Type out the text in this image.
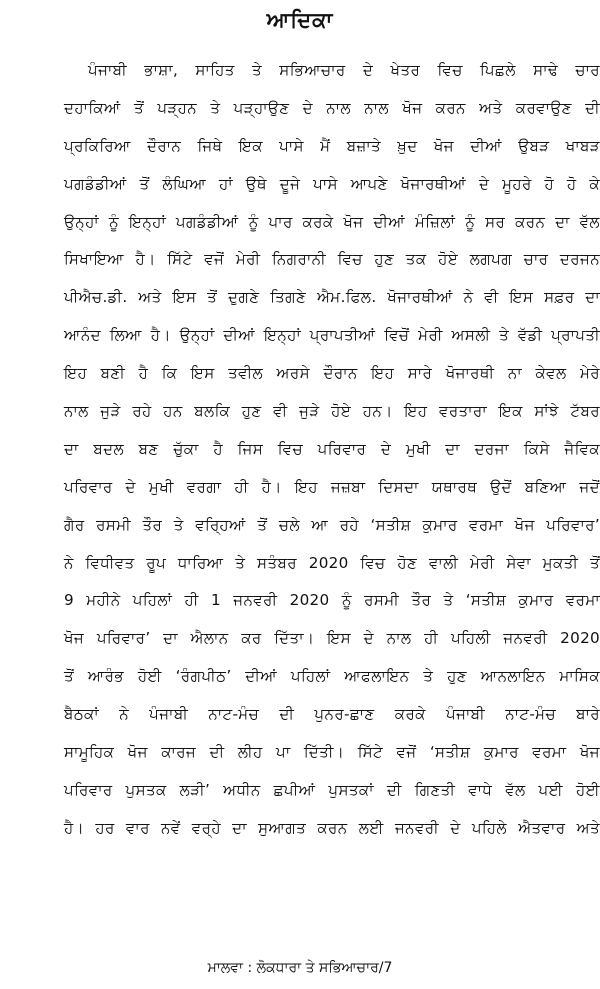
ਆਦਿਕਾ
ਪੰਜਾਬੀ ਭਾਸ਼ਾ, ਸਾਹਿਤ ਤੇ ਸਭਿਆਚਾਰ ਦੇ ਖੇਤਰ ਵਿਚ ਪਿਛਲੇ ਸਾਢੇ ਚਾਰ
ਦਹਾਕਿਆਂ ਤੋਂ ਪੜ੍ਹਨ ਤੇ ਪੜ੍ਹਾਉਣ ਦੇ ਨਾਲ ਨਾਲ ਖੋਜ ਕਰਨ ਅਤੇ ਕਰਵਾਉਣ ਦੀ
ਪ੍ਰਕਿਰਿਆ ਦੌਰਾਨ ਜਿਥੇ ਇਕ ਪਾਸੇ ਮੈਂ ਬਜ਼ਾਤੇ ਖ਼ੁਦ ਖੋਜ ਦੀਆਂ ਉਬੜ ਖਾਬੜ
ਪਗਡੰਡੀਆਂ ਤੋਂ ਲੰਘਿਆ ਹਾਂ ਉਥੇ ਦੂਜੇ ਪਾਸੇ ਆਪਣੇ ਖੋਜਾਰਥੀਆਂ ਦੇ ਮੂਹਰੇ ਹੋ ਹੋ ਕੇ
ਉਨ੍ਹਾਂ ਨੂੰ ਇਨ੍ਹਾਂ ਪਗਡੰਡੀਆਂ ਨੂੰ ਪਾਰ ਕਰਕੇ ਖੋਜ ਦੀਆਂ ਮੰਜ਼ਿਲਾਂ ਨੂੰ ਸਰ ਕਰਨ ਦਾ ਵੱਲ
ਸਿਖਾਇਆ ਹੈ। ਸਿੱਟੇ ਵਜੋਂ ਮੇਰੀ ਨਿਗਰਾਨੀ ਵਿਚ ਹੁਣ ਤਕ ਹੋਏ ਲਗਪਗ ਚਾਰ ਦਰਜਨ
ਪੀਐਚ.ਡੀ. ਅਤੇ ਇਸ ਤੋਂ ਦੁਗਣੇ ਤਿਗਣੇ ਐਮ.ਫਿਲ. ਖੋਜਾਰਥੀਆਂ ਨੇ ਵੀ ਇਸ ਸਫ਼ਰ ਦਾ
ਆਨੰਦ ਲਿਆ ਹੈ। ਉਨ੍ਹਾਂ ਦੀਆਂ ਇਨ੍ਹਾਂ ਪ੍ਰਾਪਤੀਆਂ ਵਿਚੋਂ ਮੇਰੀ ਅਸਲੀ ਤੇ ਵੱਡੀ ਪ੍ਰਾਪਤੀ
ਇਹ ਬਣੀ ਹੈ ਕਿ ਇਸ ਤਵੀਲ ਅਰਸੇ ਦੌਰਾਨ ਇਹ ਸਾਰੇ ਖੋਜਾਰਥੀ ਨਾ ਕੇਵਲ ਮੇਰੇ
ਨਾਲ ਜੁੜੇ ਰਹੇ ਹਨ ਬਲਕਿ ਹੁਣ ਵੀ ਜੁੜੇ ਹੋਏ ਹਨ। ਇਹ ਵਰਤਾਰਾ ਇਕ ਸਾਂਝੇ ਟੱਬਰ
ਦਾ ਬਦਲ ਬਣ ਚੁੱਕਾ ਹੈ ਜਿਸ ਵਿਚ ਪਰਿਵਾਰ ਦੇ ਮੁਖੀ ਦਾ ਦਰਜਾ ਕਿਸੇ ਜੈਵਿਕ
ਪਰਿਵਾਰ ਦੇ ਮੁਖੀ ਵਰਗਾ ਹੀ ਹੈ। ਇਹ ਜਜ਼ਬਾ ਦਿਸਦਾ ਯਥਾਰਥ ਉਦੋਂ ਬਣਿਆ ਜਦੋਂ
ਗੈਰ ਰਸਮੀ ਤੌਰ ਤੇ ਵਰ੍ਹਿਆਂ ਤੋਂ ਚਲੇ ਆ ਰਹੇ ‘ਸਤੀਸ਼ ਕੁਮਾਰ ਵਰਮਾ ਖੋਜ ਪਰਿਵਾਰ’
ਨੇ ਵਿਧੀਵਤ ਰੂਪ ਧਾਰਿਆ ਤੇ ਸਤੰਬਰ 2020 ਵਿਚ ਹੋਣ ਵਾਲੀ ਮੇਰੀ ਸੇਵਾ ਮੁਕਤੀ ਤੋਂ
9 ਮਹੀਨੇ ਪਹਿਲਾਂ ਹੀ 1 ਜਨਵਰੀ 2020 ਨੂੰ ਰਸਮੀ ਤੌਰ ਤੇ ‘ਸਤੀਸ਼ ਕੁਮਾਰ ਵਰਮਾ
ਖੋਜ ਪਰਿਵਾਰ’ ਦਾ ਐਲਾਨ ਕਰ ਦਿੱਤਾ। ਇਸ ਦੇ ਨਾਲ ਹੀ ਪਹਿਲੀ ਜਨਵਰੀ 2020
ਤੋਂ ਆਰੰਭ ਹੋਈ ‘ਰੰਗਪੀਠ’ ਦੀਆਂ ਪਹਿਲਾਂ ਆਫਲਾਇਨ ਤੇ ਹੁਣ ਆਨਲਾਇਨ ਮਾਸਿਕ
ਬੈਠਕਾਂ ਨੇ ਪੰਜਾਬੀ ਨਾਟ-ਮੰਚ ਦੀ ਪੁਨਰ-ਛਾਣ ਕਰਕੇ ਪੰਜਾਬੀ ਨਾਟ-ਮੰਚ ਬਾਰੇ
ਸਾਮੂਹਿਕ ਖੋਜ ਕਾਰਜ ਦੀ ਲੀਹ ਪਾ ਦਿੱਤੀ। ਸਿੱਟੇ ਵਜੋਂ ‘ਸਤੀਸ਼ ਕੁਮਾਰ ਵਰਮਾ ਖੋਜ
ਪਰਿਵਾਰ ਪੁਸਤਕ ਲੜੀ’ ਅਧੀਨ ਛਪੀਆਂ ਪੁਸਤਕਾਂ ਦੀ ਗਿਣਤੀ ਵਾਧੇ ਵੱਲ ਪਈ ਹੋਈ
ਹੈ। ਹਰ ਵਾਰ ਨਵੇਂ ਵਰ੍ਹੇ ਦਾ ਸੁਆਗਤ ਕਰਨ ਲਈ ਜਨਵਰੀ ਦੇ ਪਹਿਲੇ ਐਤਵਾਰ ਅਤੇ
ਮਾਲਵਾ : ਲੋਕਧਾਰਾ ਤੇ ਸਭਿਆਚਾਰ/7
